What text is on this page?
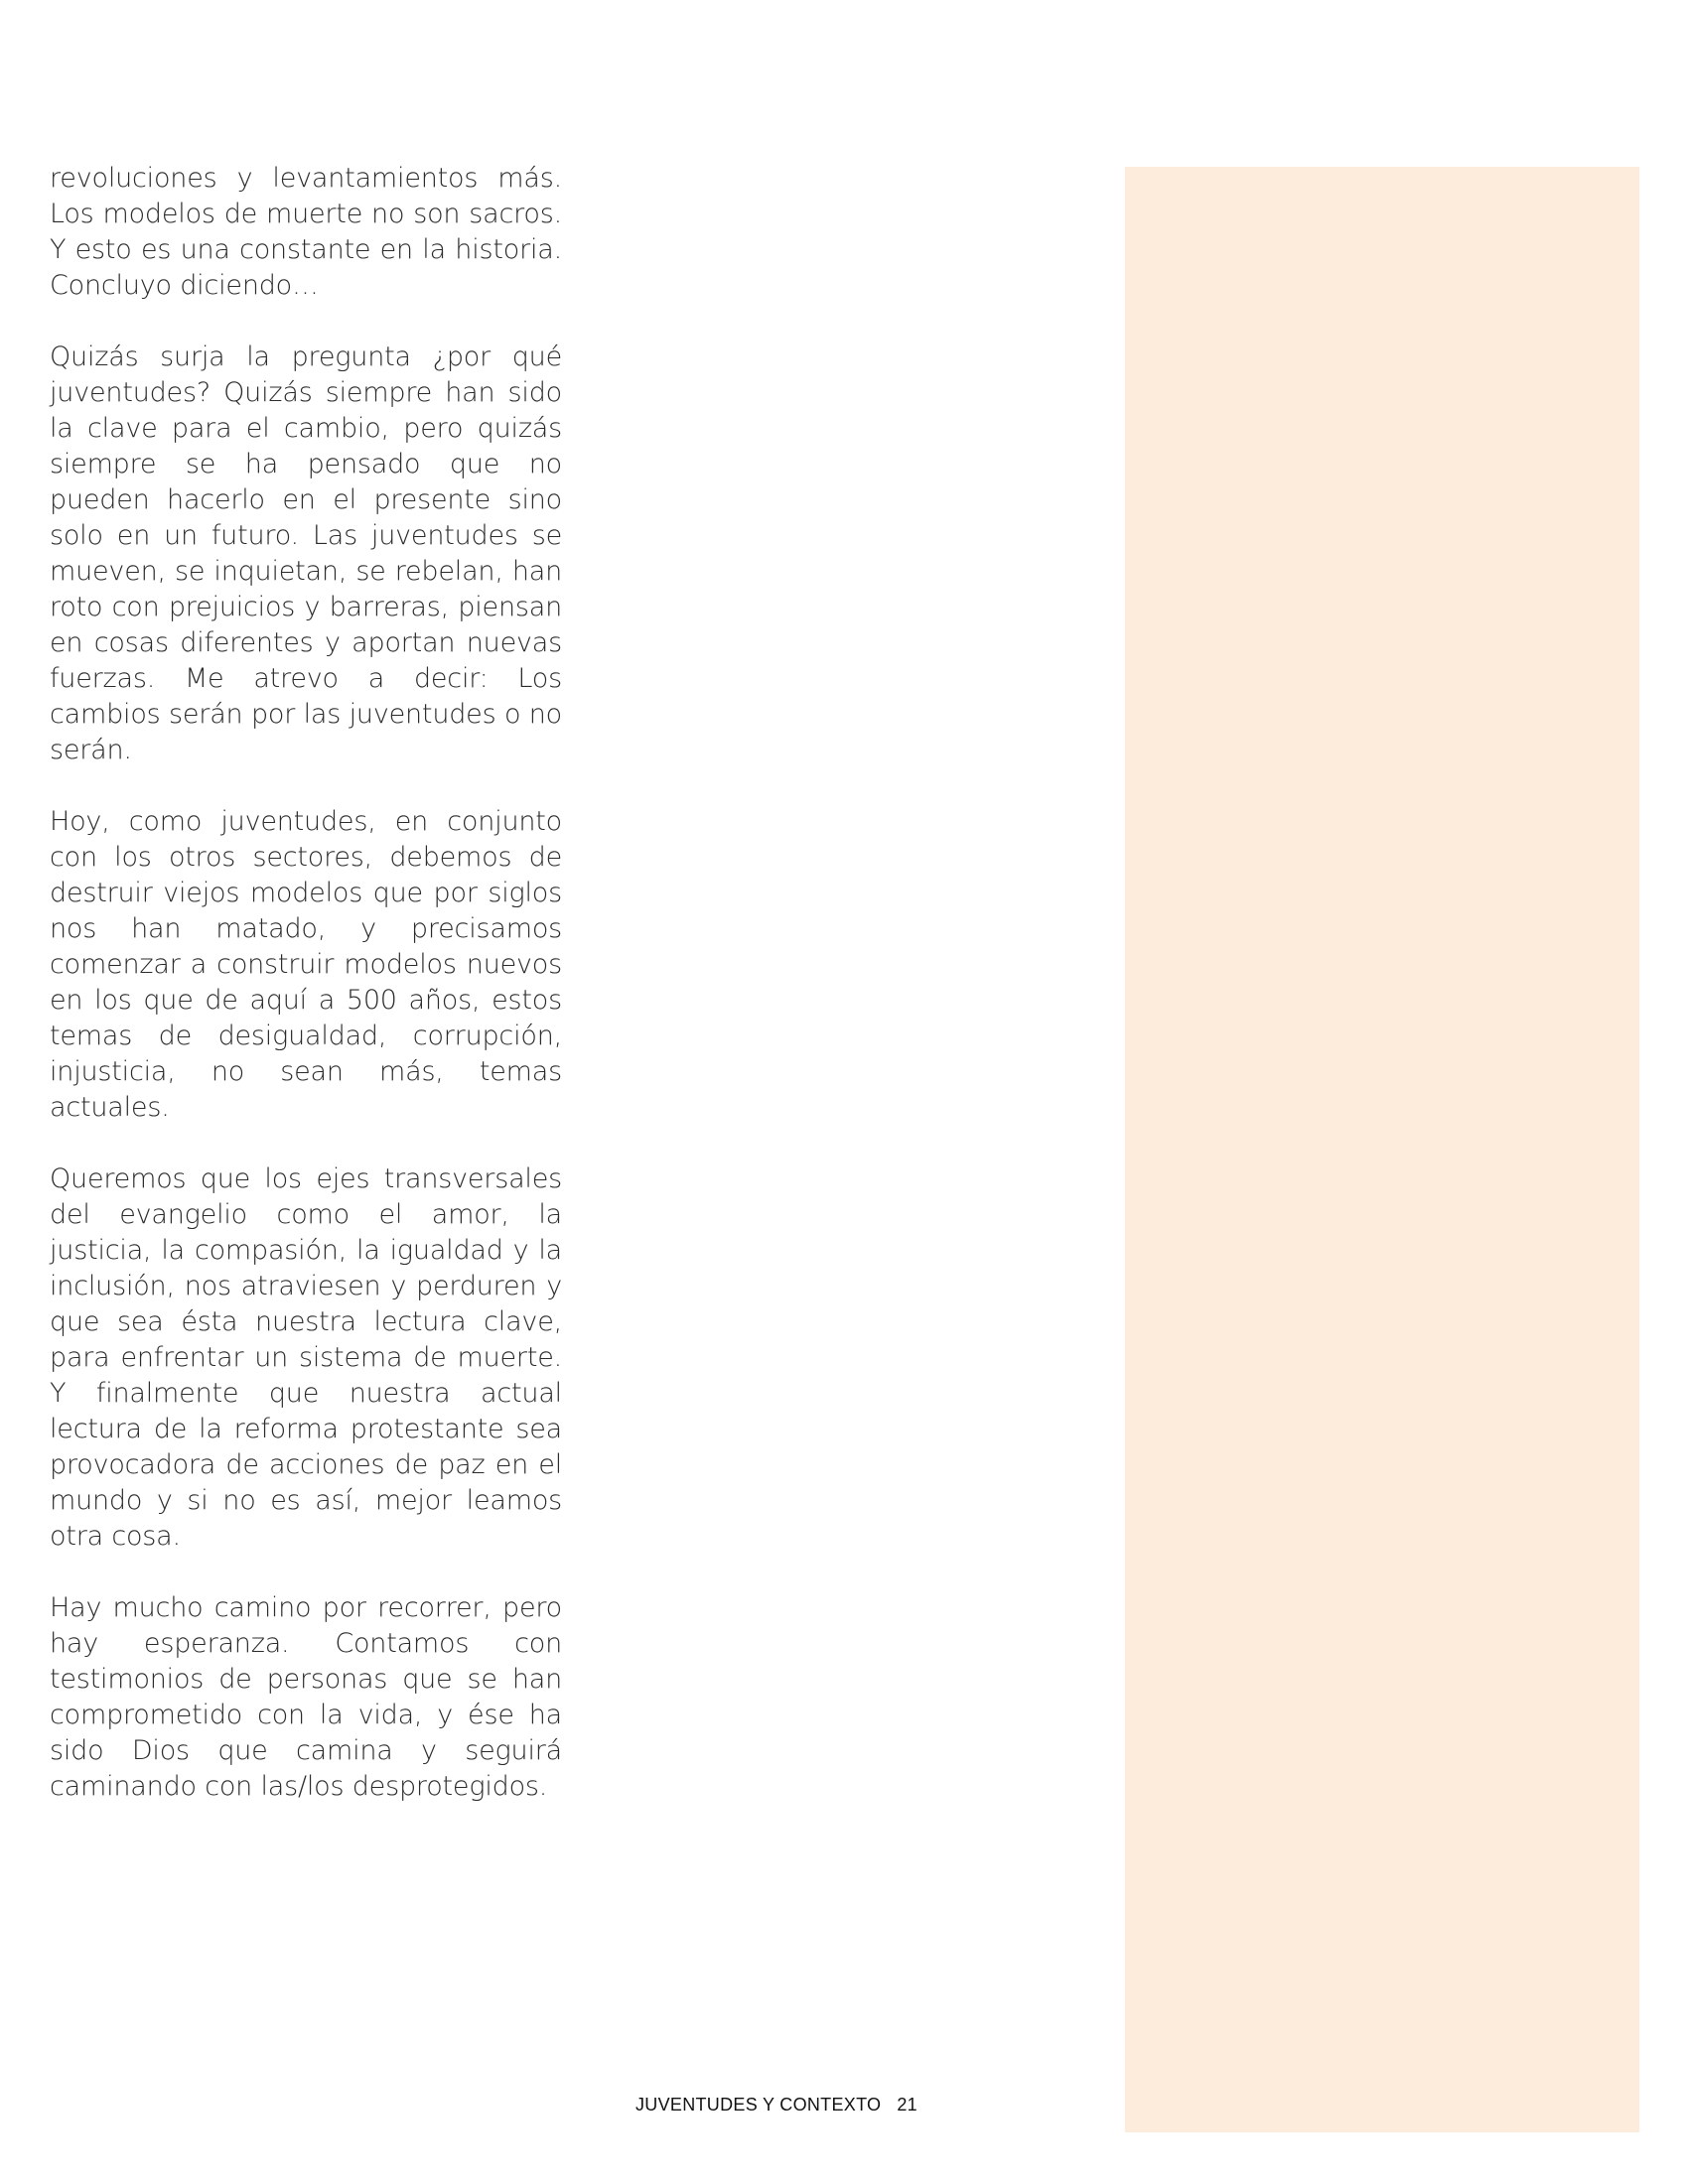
revoluciones y levantamientos más. Los modelos de muerte no son sacros. Y esto es una constante en la historia. Concluyo diciendo…

Quizás surja la pregunta ¿por qué juventudes? Quizás siempre han sido la clave para el cambio, pero quizás siempre se ha pensado que no pueden hacerlo en el presente sino solo en un futuro. Las juventudes se mueven, se inquietan, se rebelan, han roto con prejuicios y barreras, piensan en cosas diferentes y aportan nuevas fuerzas. Me atrevo a decir: Los cambios serán por las juventudes o no serán.

Hoy, como juventudes, en conjunto con los otros sectores, debemos de destruir viejos modelos que por siglos nos han matado, y precisamos comenzar a construir modelos nuevos en los que de aquí a 500 años, estos temas de desigualdad, corrupción, injusticia, no sean más, temas actuales.

Queremos que los ejes transversales del evangelio como el amor, la justicia, la compasión, la igualdad y la inclusión, nos atraviesen y perduren y que sea ésta nuestra lectura clave, para enfrentar un sistema de muerte. Y finalmente que nuestra actual lectura de la reforma protestante sea provocadora de acciones de paz en el mundo y si no es así, mejor leamos otra cosa.

Hay mucho camino por recorrer, pero hay esperanza. Contamos con testimonios de personas que se han comprometido con la vida, y ése ha sido Dios que camina y seguirá caminando con las/los desprotegidos.

JUVENTUDES Y CONTEXTO 21
